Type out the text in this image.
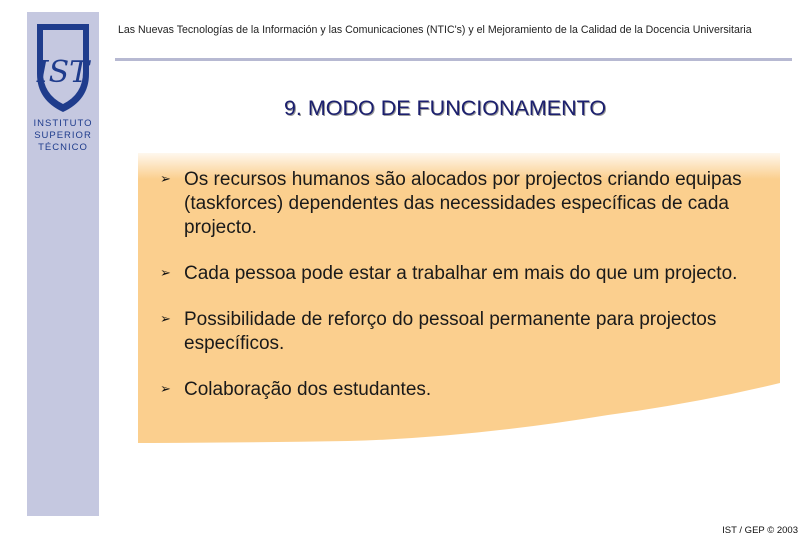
IST
INSTITUTO
SUPERIOR
TÉCNICO
Las Nuevas Tecnologías de la Información y las Comunicaciones (NTIC's) y el Mejoramiento de la Calidad de la Docencia Universitaria
9. MODO DE FUNCIONAMENTO
➢ Os recursos humanos são alocados por projectos criando equipas (taskforces) dependentes das necessidades específicas de cada projecto.
➢ Cada pessoa pode estar a trabalhar em mais do que um projecto.
➢ Possibilidade de reforço do pessoal permanente para projectos específicos.
➢ Colaboração dos estudantes.
IST / GEP © 2003
